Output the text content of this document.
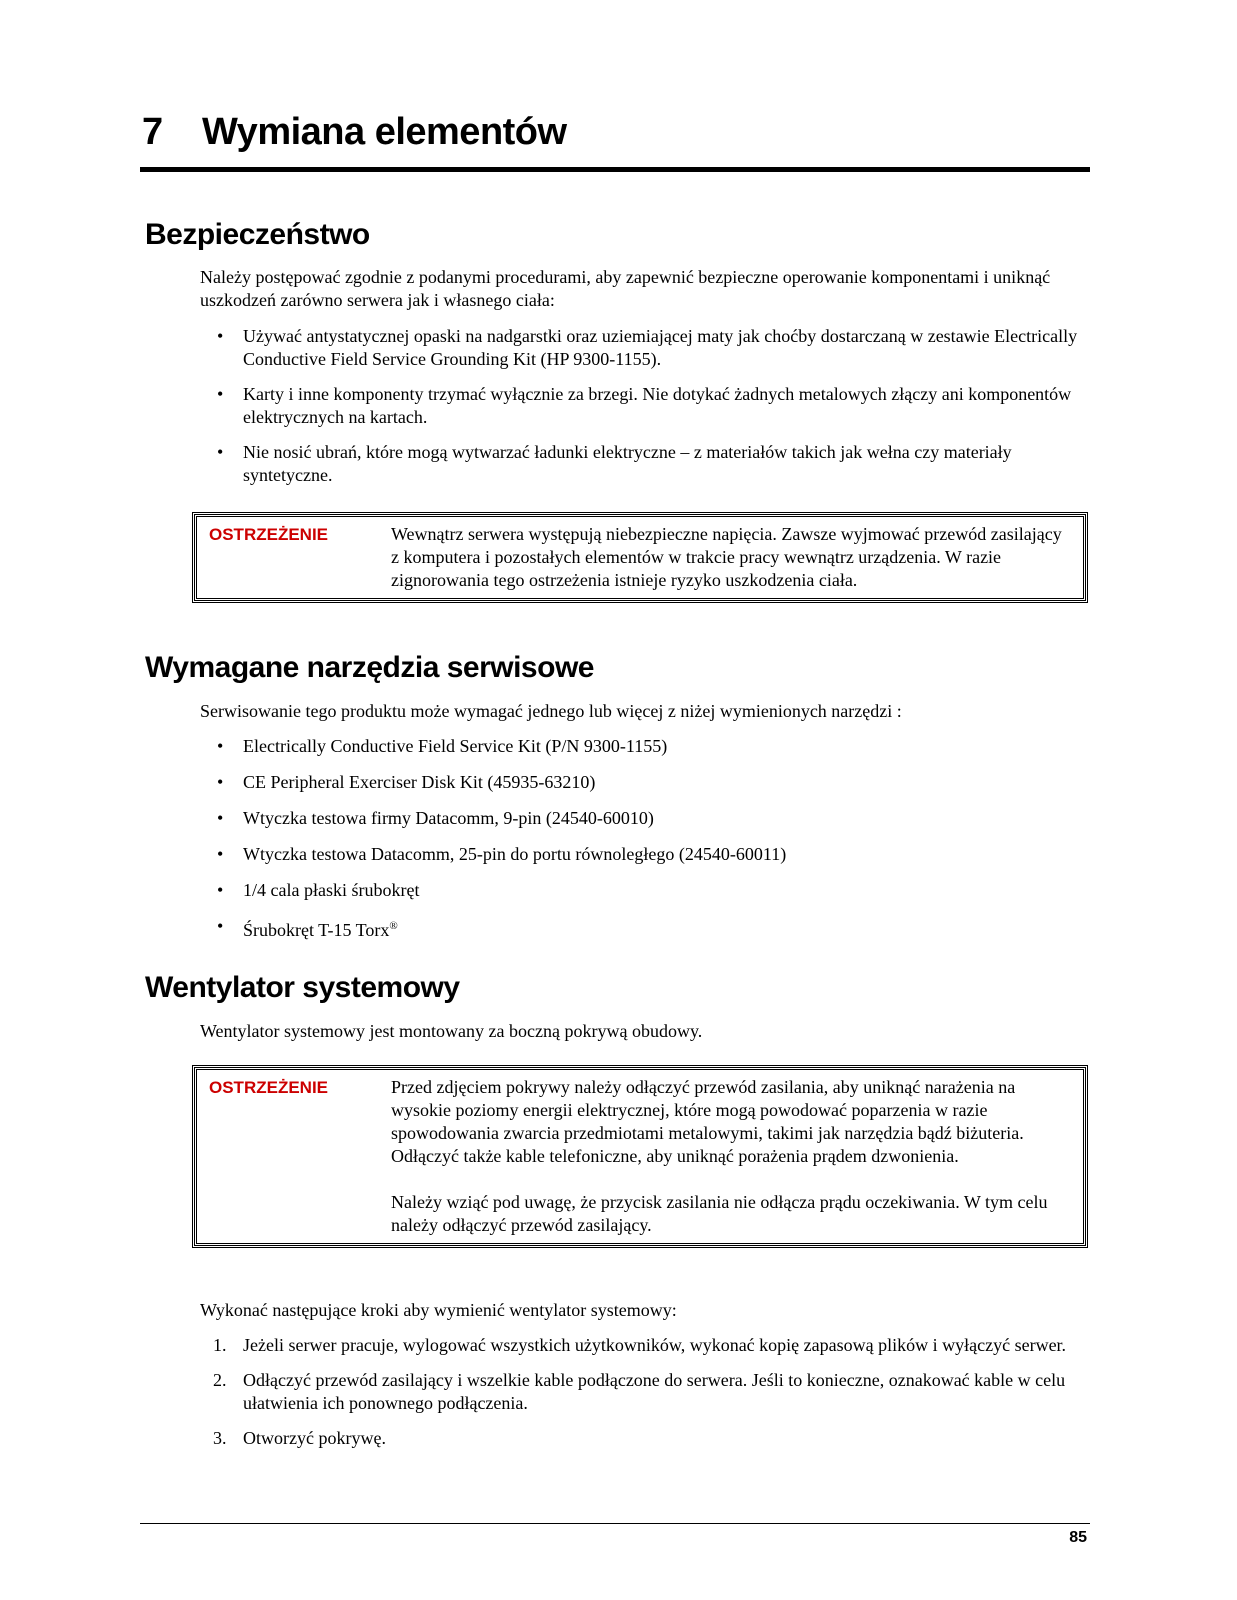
7 Wymiana elementów
Bezpieczeństwo

Należy postępować zgodnie z podanymi procedurami, aby zapewnić bezpieczne operowanie komponentami i uniknąć uszkodzeń zarówno serwera jak i własnego ciała:

• Używać antystatycznej opaski na nadgarstki oraz uziemiającej maty jak choćby dostarczaną w zestawie Electrically Conductive Field Service Grounding Kit (HP 9300-1155).
• Karty i inne komponenty trzymać wyłącznie za brzegi. Nie dotykać żadnych metalowych złączy ani komponentów elektrycznych na kartach.
• Nie nosić ubrań, które mogą wytwarzać ładunki elektryczne – z materiałów takich jak wełna czy materiały syntetyczne.
OSTRZEŻENIE	Wewnątrz serwera występują niebezpieczne napięcia. Zawsze wyjmować przewód zasilający z komputera i pozostałych elementów w trakcie pracy wewnątrz urządzenia. W razie zignorowania tego ostrzeżenia istnieje ryzyko uszkodzenia ciała.

Wymagane narzędzia serwisowe

Serwisowanie tego produktu może wymagać jednego lub więcej z niżej wymienionych narzędzi :

• Electrically Conductive Field Service Kit (P/N 9300-1155)
• CE Peripheral Exerciser Disk Kit (45935-63210)
• Wtyczka testowa firmy Datacomm, 9-pin (24540-60010)
• Wtyczka testowa Datacomm, 25-pin do portu równoległego (24540-60011)
• 1/4 cala płaski śrubokręt
• Śrubokręt T-15 Torx®
Wentylator systemowy

Wentylator systemowy jest montowany za boczną pokrywą obudowy.

OSTRZEŻENIE	Przed zdjęciem pokrywy należy odłączyć przewód zasilania, aby uniknąć narażenia na wysokie poziomy energii elektrycznej, które mogą powodować poparzenia w razie spowodowania zwarcia przedmiotami metalowymi, takimi jak narzędzia bądź biżuteria. Odłączyć także kable telefoniczne, aby uniknąć porażenia prądem dzwonienia.

Należy wziąć pod uwagę, że przycisk zasilania nie odłącza prądu oczekiwania. W tym celu należy odłączyć przewód zasilający.

Wykonać następujące kroki aby wymienić wentylator systemowy:

1. Jeżeli serwer pracuje, wylogować wszystkich użytkowników, wykonać kopię zapasową plików i wyłączyć serwer.
2. Odłączyć przewód zasilający i wszelkie kable podłączone do serwera. Jeśli to konieczne, oznakować kable w celu ułatwienia ich ponownego podłączenia.
3. Otworzyć pokrywę.
85
